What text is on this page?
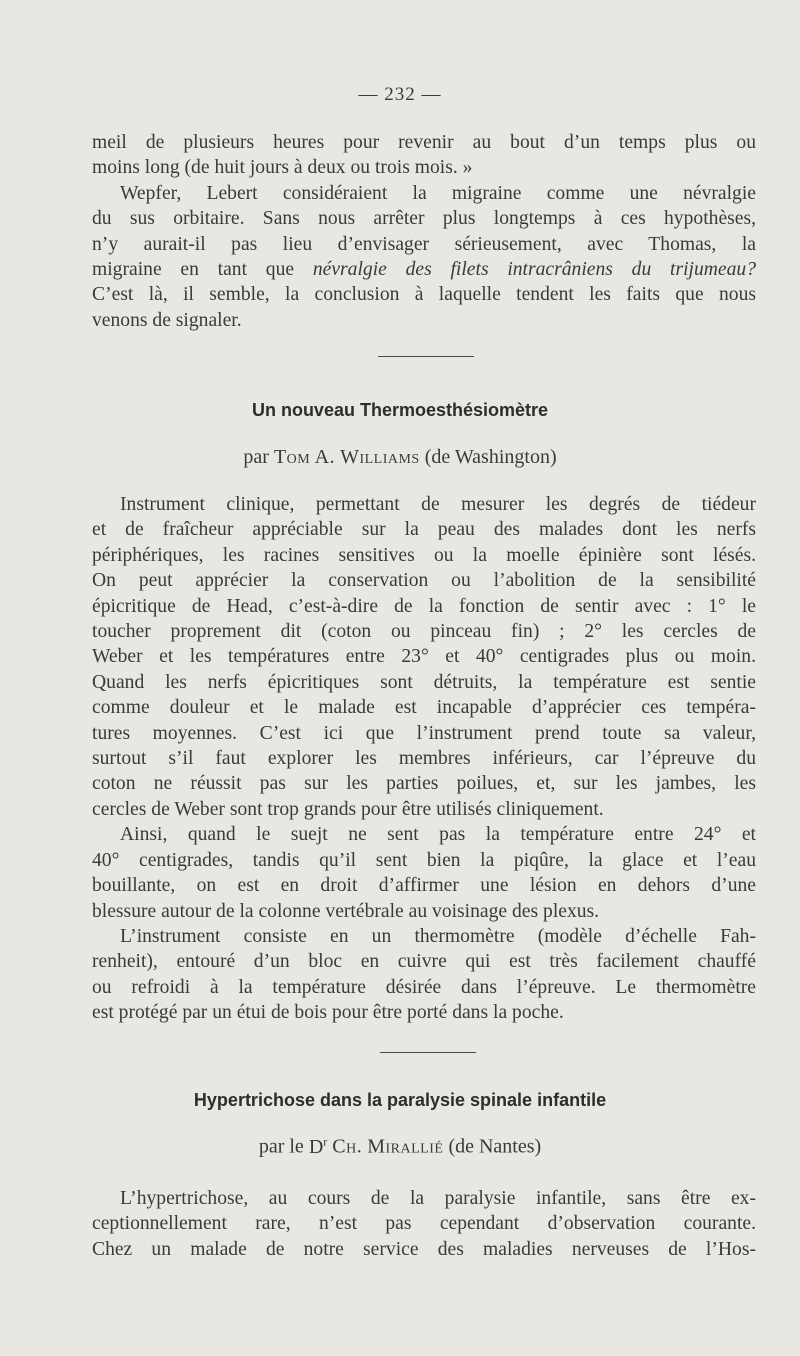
— 232 —
meil de plusieurs heures pour revenir au bout d’un temps plus ou
moins long (de huit jours à deux ou trois mois. »
Wepfer, Lebert considéraient la migraine comme une névralgie
du sus orbitaire. Sans nous arrêter plus longtemps à ces hypothèses,
n’y aurait-il pas lieu d’envisager sérieusement, avec Thomas, la
migraine en tant que névralgie des filets intracrâniens du trijumeau?
C’est là, il semble, la conclusion à laquelle tendent les faits que nous
venons de signaler.
Un nouveau Thermoesthésiomètre
par Tom A. Williams (de Washington)
Instrument clinique, permettant de mesurer les degrés de tiédeur
et de fraîcheur appréciable sur la peau des malades dont les nerfs
périphériques, les racines sensitives ou la moelle épinière sont lésés.
On peut apprécier la conservation ou l’abolition de la sensibilité
épicritique de Head, c’est-à-dire de la fonction de sentir avec : 1° le
toucher proprement dit (coton ou pinceau fin) ; 2° les cercles de
Weber et les températures entre 23° et 40° centigrades plus ou moin.
Quand les nerfs épicritiques sont détruits, la température est sentie
comme douleur et le malade est incapable d’apprécier ces tempéra-
tures moyennes. C’est ici que l’instrument prend toute sa valeur,
surtout s’il faut explorer les membres inférieurs, car l’épreuve du
coton ne réussit pas sur les parties poilues, et, sur les jambes, les
cercles de Weber sont trop grands pour être utilisés cliniquement.
Ainsi, quand le suejt ne sent pas la température entre 24° et
40° centigrades, tandis qu’il sent bien la piqûre, la glace et l’eau
bouillante, on est en droit d’affirmer une lésion en dehors d’une
blessure autour de la colonne vertébrale au voisinage des plexus.
L’instrument consiste en un thermomètre (modèle d’échelle Fah-
renheit), entouré d’un bloc en cuivre qui est très facilement chauffé
ou refroidi à la température désirée dans l’épreuve. Le thermomètre
est protégé par un étui de bois pour être porté dans la poche.
Hypertrichose dans la paralysie spinale infantile
par le $D^r$ Ch. Mirallié (de Nantes)
L’hypertrichose, au cours de la paralysie infantile, sans être ex-
ceptionnellement rare, n’est pas cependant d’observation courante.
Chez un malade de notre service des maladies nerveuses de l’Hos-
